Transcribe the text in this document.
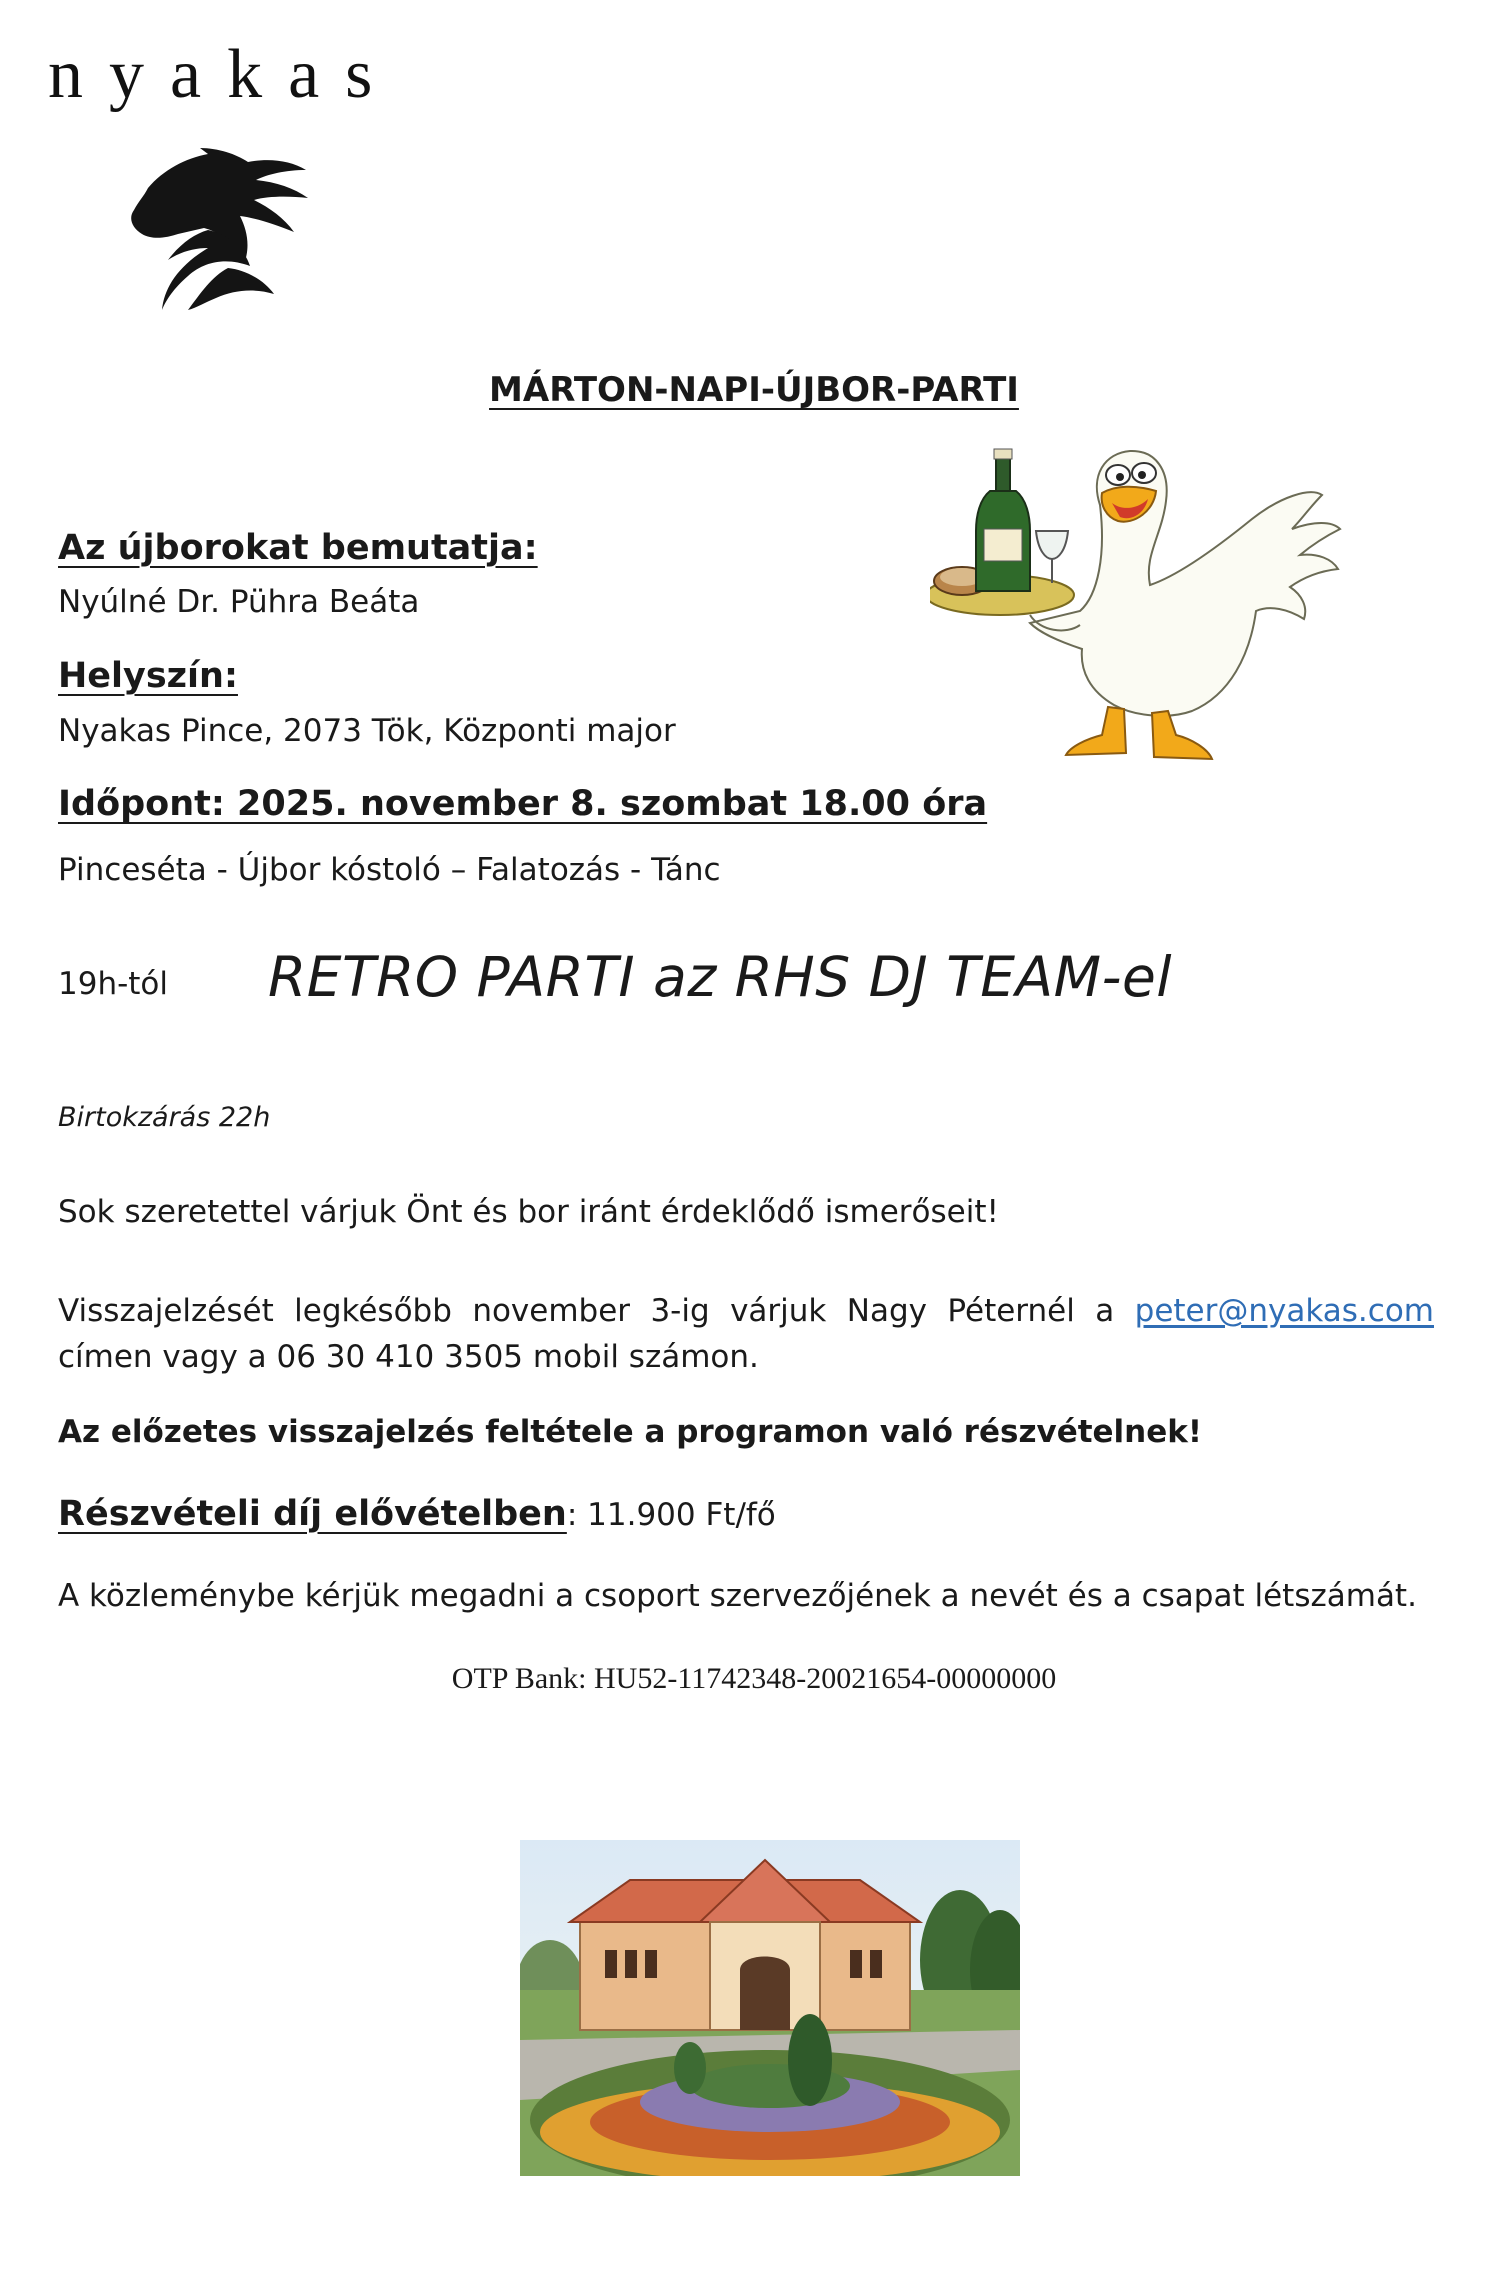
nyakas
MÁRTON-NAPI-ÚJBOR-PARTI
Az újborokat bemutatja:
Nyúlné Dr. Pühra Beáta
Helyszín:
Nyakas Pince, 2073 Tök, Központi major
Időpont: 2025. november 8. szombat 18.00 óra
Pinceséta - Újbor kóstoló – Falatozás - Tánc
19h-tól RETRO PARTI az RHS DJ TEAM-el
Birtokzárás 22h
Sok szeretettel várjuk Önt és bor iránt érdeklődő ismerőseit!
Visszajelzését legkésőbb november 3-ig várjuk Nagy Péternél a peter@nyakas.com címen vagy a 06 30 410 3505 mobil számon.
Az előzetes visszajelzés feltétele a programon való részvételnek!
Részvételi díj elővételben: 11.900 Ft/fő
A közleménybe kérjük megadni a csoport szervezőjének a nevét és a csapat létszámát.
OTP Bank: HU52-11742348-20021654-00000000
